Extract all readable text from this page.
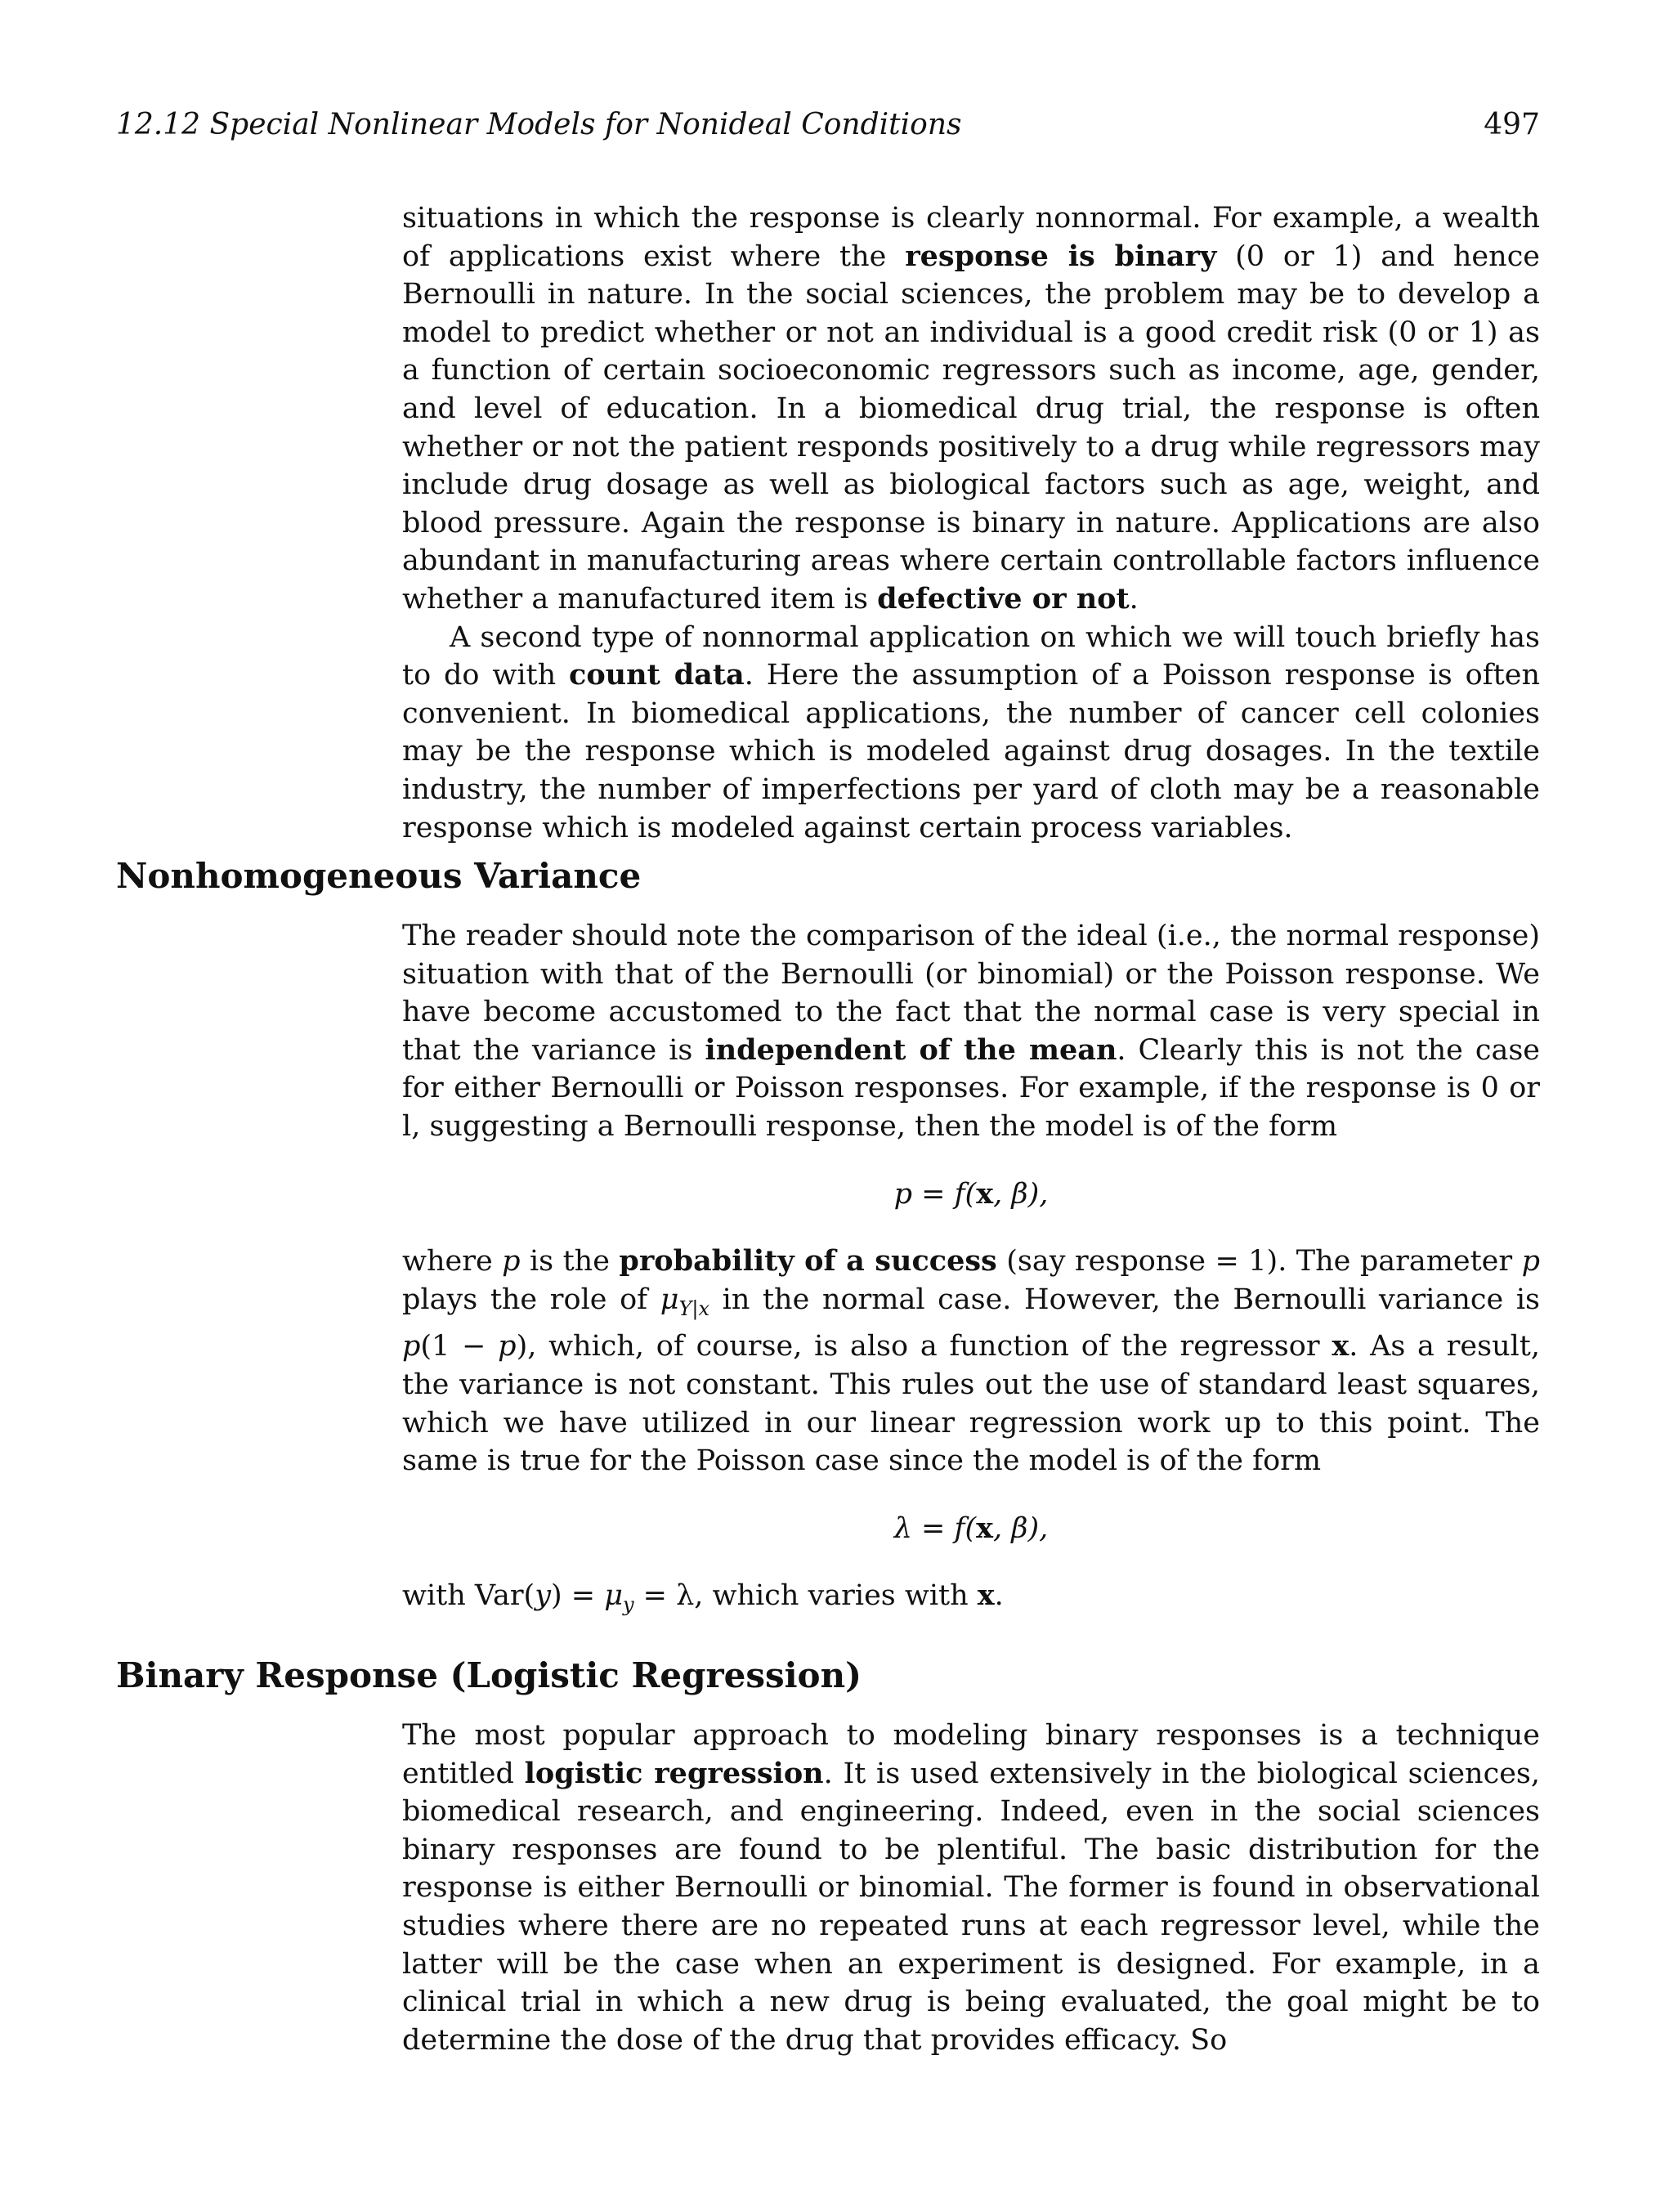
12.12 Special Nonlinear Models for Nonideal Conditions	497

situations in which the response is clearly nonnormal. For example, a wealth of applications exist where the response is binary (0 or 1) and hence Bernoulli in nature. In the social sciences, the problem may be to develop a model to predict whether or not an individual is a good credit risk (0 or 1) as a function of certain socioeconomic regressors such as income, age, gender, and level of education. In a biomedical drug trial, the response is often whether or not the patient responds positively to a drug while regressors may include drug dosage as well as biological factors such as age, weight, and blood pressure. Again the response is binary in nature. Applications are also abundant in manufacturing areas where certain controllable factors influence whether a manufactured item is defective or not.

A second type of nonnormal application on which we will touch briefly has to do with count data. Here the assumption of a Poisson response is often convenient. In biomedical applications, the number of cancer cell colonies may be the response which is modeled against drug dosages. In the textile industry, the number of imperfections per yard of cloth may be a reasonable response which is modeled against certain process variables.

Nonhomogeneous Variance

The reader should note the comparison of the ideal (i.e., the normal response) situation with that of the Bernoulli (or binomial) or the Poisson response. We have become accustomed to the fact that the normal case is very special in that the variance is independent of the mean. Clearly this is not the case for either Bernoulli or Poisson responses. For example, if the response is 0 or l, suggesting a Bernoulli response, then the model is of the form

p = f(x, β),

where p is the probability of a success (say response = 1). The parameter p plays the role of $\mu_{Y|x}$ in the normal case. However, the Bernoulli variance is p(1 − p), which, of course, is also a function of the regressor x. As a result, the variance is not constant. This rules out the use of standard least squares, which we have utilized in our linear regression work up to this point. The same is true for the Poisson case since the model is of the form

λ = f(x, β),

with $Var(y) = \mu_y = \lambda$, which varies with x.

Binary Response (Logistic Regression)

The most popular approach to modeling binary responses is a technique entitled logistic regression. It is used extensively in the biological sciences, biomedical research, and engineering. Indeed, even in the social sciences binary responses are found to be plentiful. The basic distribution for the response is either Bernoulli or binomial. The former is found in observational studies where there are no repeated runs at each regressor level, while the latter will be the case when an experiment is designed. For example, in a clinical trial in which a new drug is being evaluated, the goal might be to determine the dose of the drug that provides efficacy. So
